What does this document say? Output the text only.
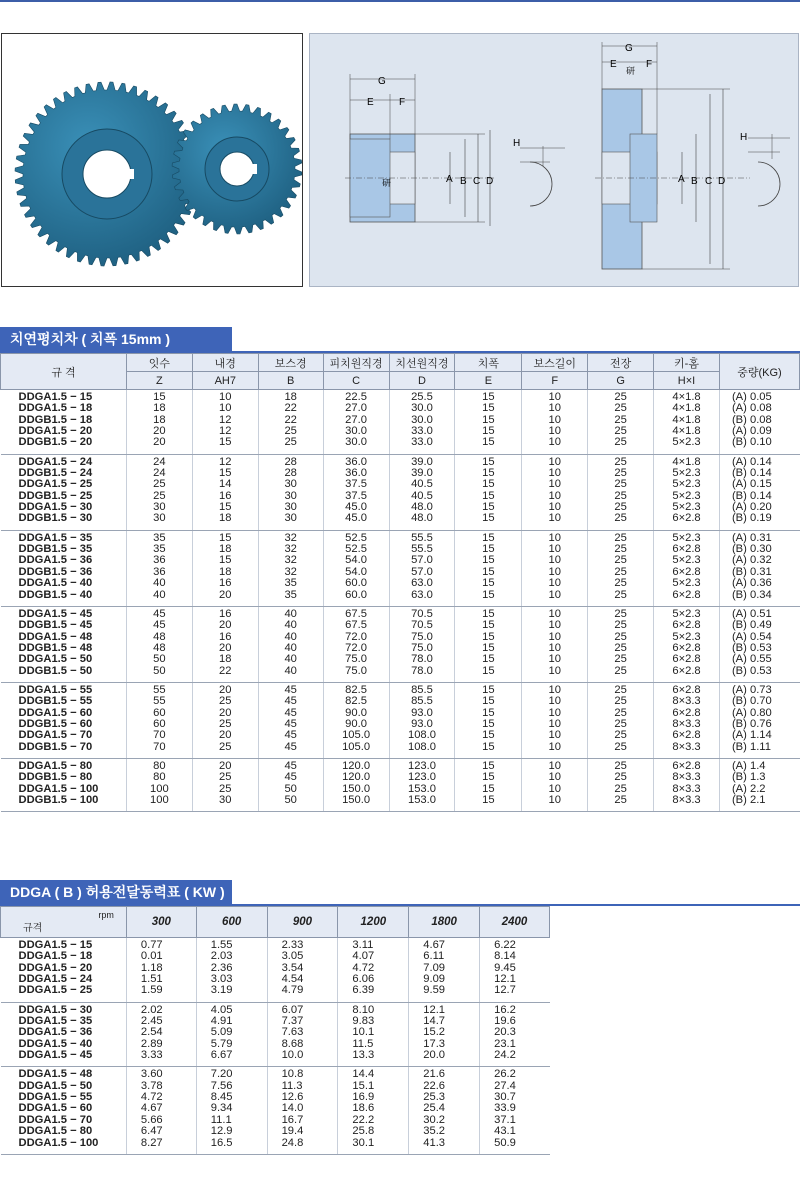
G
E	F
A B C D
研
H
G
E	F
A B C D
研
H
치연평치차 ( 치폭 15mm )
규 격	잇수	내경	보스경	피치원직경	치선원직경	치폭	보스길이	전장	키-홈	중량(KG)
	Z	AH7	B	C	D	E	F	G	H×I	
DDGA1.5 − 15	15	10	18	22.5	25.5	15	10	25	4×1.8	(A) 0.05
DDGA1.5 − 18	18	10	22	27.0	30.0	15	10	25	4×1.8	(A) 0.08
DDGB1.5 − 18	18	12	22	27.0	30.0	15	10	25	4×1.8	(B) 0.08
DDGA1.5 − 20	20	12	25	30.0	33.0	15	10	25	4×1.8	(A) 0.09
DDGB1.5 − 20	20	15	25	30.0	33.0	15	10	25	5×2.3	(B) 0.10
DDGA1.5 − 24	24	12	28	36.0	39.0	15	10	25	4×1.8	(A) 0.14
DDGB1.5 − 24	24	15	28	36.0	39.0	15	10	25	5×2.3	(B) 0.14
DDGA1.5 − 25	25	14	30	37.5	40.5	15	10	25	5×2.3	(A) 0.15
DDGB1.5 − 25	25	16	30	37.5	40.5	15	10	25	5×2.3	(B) 0.14
DDGA1.5 − 30	30	15	30	45.0	48.0	15	10	25	5×2.3	(A) 0.20
DDGB1.5 − 30	30	18	30	45.0	48.0	15	10	25	6×2.8	(B) 0.19
DDGA1.5 − 35	35	15	32	52.5	55.5	15	10	25	5×2.3	(A) 0.31
DDGB1.5 − 35	35	18	32	52.5	55.5	15	10	25	6×2.8	(B) 0.30
DDGA1.5 − 36	36	15	32	54.0	57.0	15	10	25	5×2.3	(A) 0.32
DDGB1.5 − 36	36	18	32	54.0	57.0	15	10	25	6×2.8	(B) 0.31
DDGA1.5 − 40	40	16	35	60.0	63.0	15	10	25	5×2.3	(A) 0.36
DDGB1.5 − 40	40	20	35	60.0	63.0	15	10	25	6×2.8	(B) 0.34
DDGA1.5 − 45	45	16	40	67.5	70.5	15	10	25	5×2.3	(A) 0.51
DDGB1.5 − 45	45	20	40	67.5	70.5	15	10	25	6×2.8	(B) 0.49
DDGA1.5 − 48	48	16	40	72.0	75.0	15	10	25	5×2.3	(A) 0.54
DDGB1.5 − 48	48	20	40	72.0	75.0	15	10	25	6×2.8	(B) 0.53
DDGA1.5 − 50	50	18	40	75.0	78.0	15	10	25	6×2.8	(A) 0.55
DDGB1.5 − 50	50	22	40	75.0	78.0	15	10	25	6×2.8	(B) 0.53
DDGA1.5 − 55	55	20	45	82.5	85.5	15	10	25	6×2.8	(A) 0.73
DDGB1.5 − 55	55	25	45	82.5	85.5	15	10	25	8×3.3	(B) 0.70
DDGA1.5 − 60	60	20	45	90.0	93.0	15	10	25	6×2.8	(A) 0.80
DDGB1.5 − 60	60	25	45	90.0	93.0	15	10	25	8×3.3	(B) 0.76
DDGA1.5 − 70	70	20	45	105.0	108.0	15	10	25	6×2.8	(A) 1.14
DDGB1.5 − 70	70	25	45	105.0	108.0	15	10	25	8×3.3	(B) 1.11
DDGA1.5 − 80	80	20	45	120.0	123.0	15	10	25	6×2.8	(A) 1.4
DDGB1.5 − 80	80	25	45	120.0	123.0	15	10	25	8×3.3	(B) 1.3
DDGA1.5 − 100	100	25	50	150.0	153.0	15	10	25	8×3.3	(A) 2.2
DDGB1.5 − 100	100	30	50	150.0	153.0	15	10	25	8×3.3	(B) 2.1
DDGA ( B ) 허용전달동력표 ( KW )
rpm
규격	300	600	900	1200	1800	2400
DDGA1.5 − 15	0.77	1.55	2.33	3.11	4.67	6.22
DDGA1.5 − 18	0.01	2.03	3.05	4.07	6.11	8.14
DDGA1.5 − 20	1.18	2.36	3.54	4.72	7.09	9.45
DDGA1.5 − 24	1.51	3.03	4.54	6.06	9.09	12.1
DDGA1.5 − 25	1.59	3.19	4.79	6.39	9.59	12.7
DDGA1.5 − 30	2.02	4.05	6.07	8.10	12.1	16.2
DDGA1.5 − 35	2.45	4.91	7.37	9.83	14.7	19.6
DDGA1.5 − 36	2.54	5.09	7.63	10.1	15.2	20.3
DDGA1.5 − 40	2.89	5.79	8.68	11.5	17.3	23.1
DDGA1.5 − 45	3.33	6.67	10.0	13.3	20.0	24.2
DDGA1.5 − 48	3.60	7.20	10.8	14.4	21.6	26.2
DDGA1.5 − 50	3.78	7.56	11.3	15.1	22.6	27.4
DDGA1.5 − 55	4.72	8.45	12.6	16.9	25.3	30.7
DDGA1.5 − 60	4.67	9.34	14.0	18.6	25.4	33.9
DDGA1.5 − 70	5.66	11.1	16.7	22.2	30.2	37.1
DDGA1.5 − 80	6.47	12.9	19.4	25.8	35.2	43.1
DDGA1.5 − 100	8.27	16.5	24.8	30.1	41.3	50.9
